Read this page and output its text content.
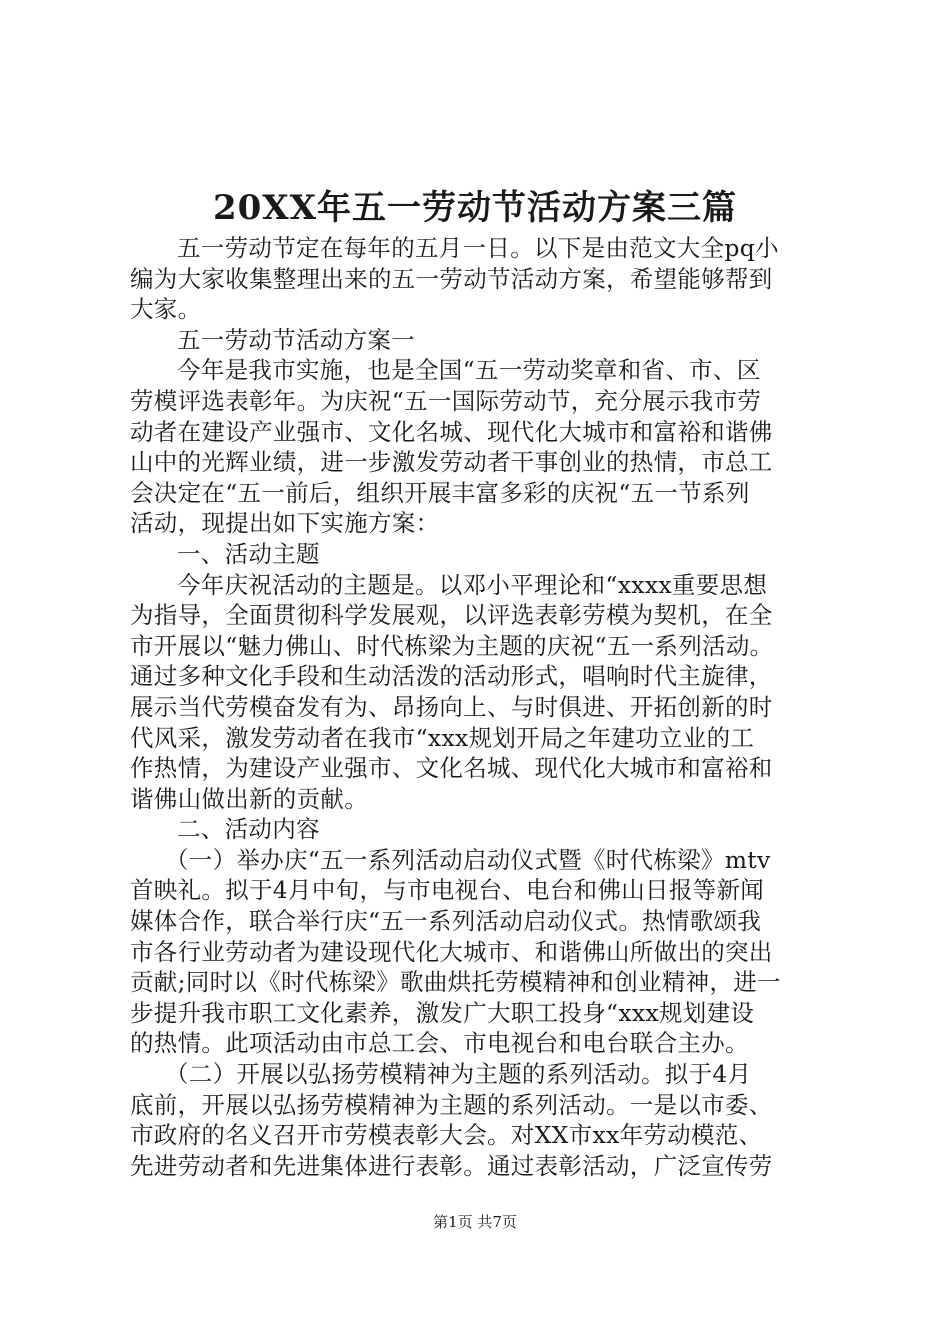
20XX年五一劳动节活动方案三篇
五一劳动节定在每年的五月一日。以下是由范文大全pq小
编为大家收集整理出来的五一劳动节活动方案，希望能够帮到
大家。
五一劳动节活动方案一
今年是我市实施，也是全国“五一劳动奖章和省、市、区
劳模评选表彰年。为庆祝“五一国际劳动节，充分展示我市劳
动者在建设产业强市、文化名城、现代化大城市和富裕和谐佛
山中的光辉业绩，进一步激发劳动者干事创业的热情，市总工
会决定在“五一前后，组织开展丰富多彩的庆祝“五一节系列
活动，现提出如下实施方案：
一、活动主题
今年庆祝活动的主题是。以邓小平理论和“xxxx重要思想
为指导，全面贯彻科学发展观，以评选表彰劳模为契机，在全
市开展以“魅力佛山、时代栋梁为主题的庆祝“五一系列活动。
通过多种文化手段和生动活泼的活动形式，唱响时代主旋律，
展示当代劳模奋发有为、昂扬向上、与时俱进、开拓创新的时
代风采，激发劳动者在我市“xxx规划开局之年建功立业的工
作热情，为建设产业强市、文化名城、现代化大城市和富裕和
谐佛山做出新的贡献。
二、活动内容
（一）举办庆“五一系列活动启动仪式暨《时代栋梁》mtv
首映礼。拟于4月中旬，与市电视台、电台和佛山日报等新闻
媒体合作，联合举行庆“五一系列活动启动仪式。热情歌颂我
市各行业劳动者为建设现代化大城市、和谐佛山所做出的突出
贡献;同时以《时代栋梁》歌曲烘托劳模精神和创业精神，进一
步提升我市职工文化素养，激发广大职工投身“xxx规划建设
的热情。此项活动由市总工会、市电视台和电台联合主办。
（二）开展以弘扬劳模精神为主题的系列活动。拟于4月
底前，开展以弘扬劳模精神为主题的系列活动。一是以市委、
市政府的名义召开市劳模表彰大会。对XX市xx年劳动模范、
先进劳动者和先进集体进行表彰。通过表彰活动，广泛宣传劳
第1页 共7页
